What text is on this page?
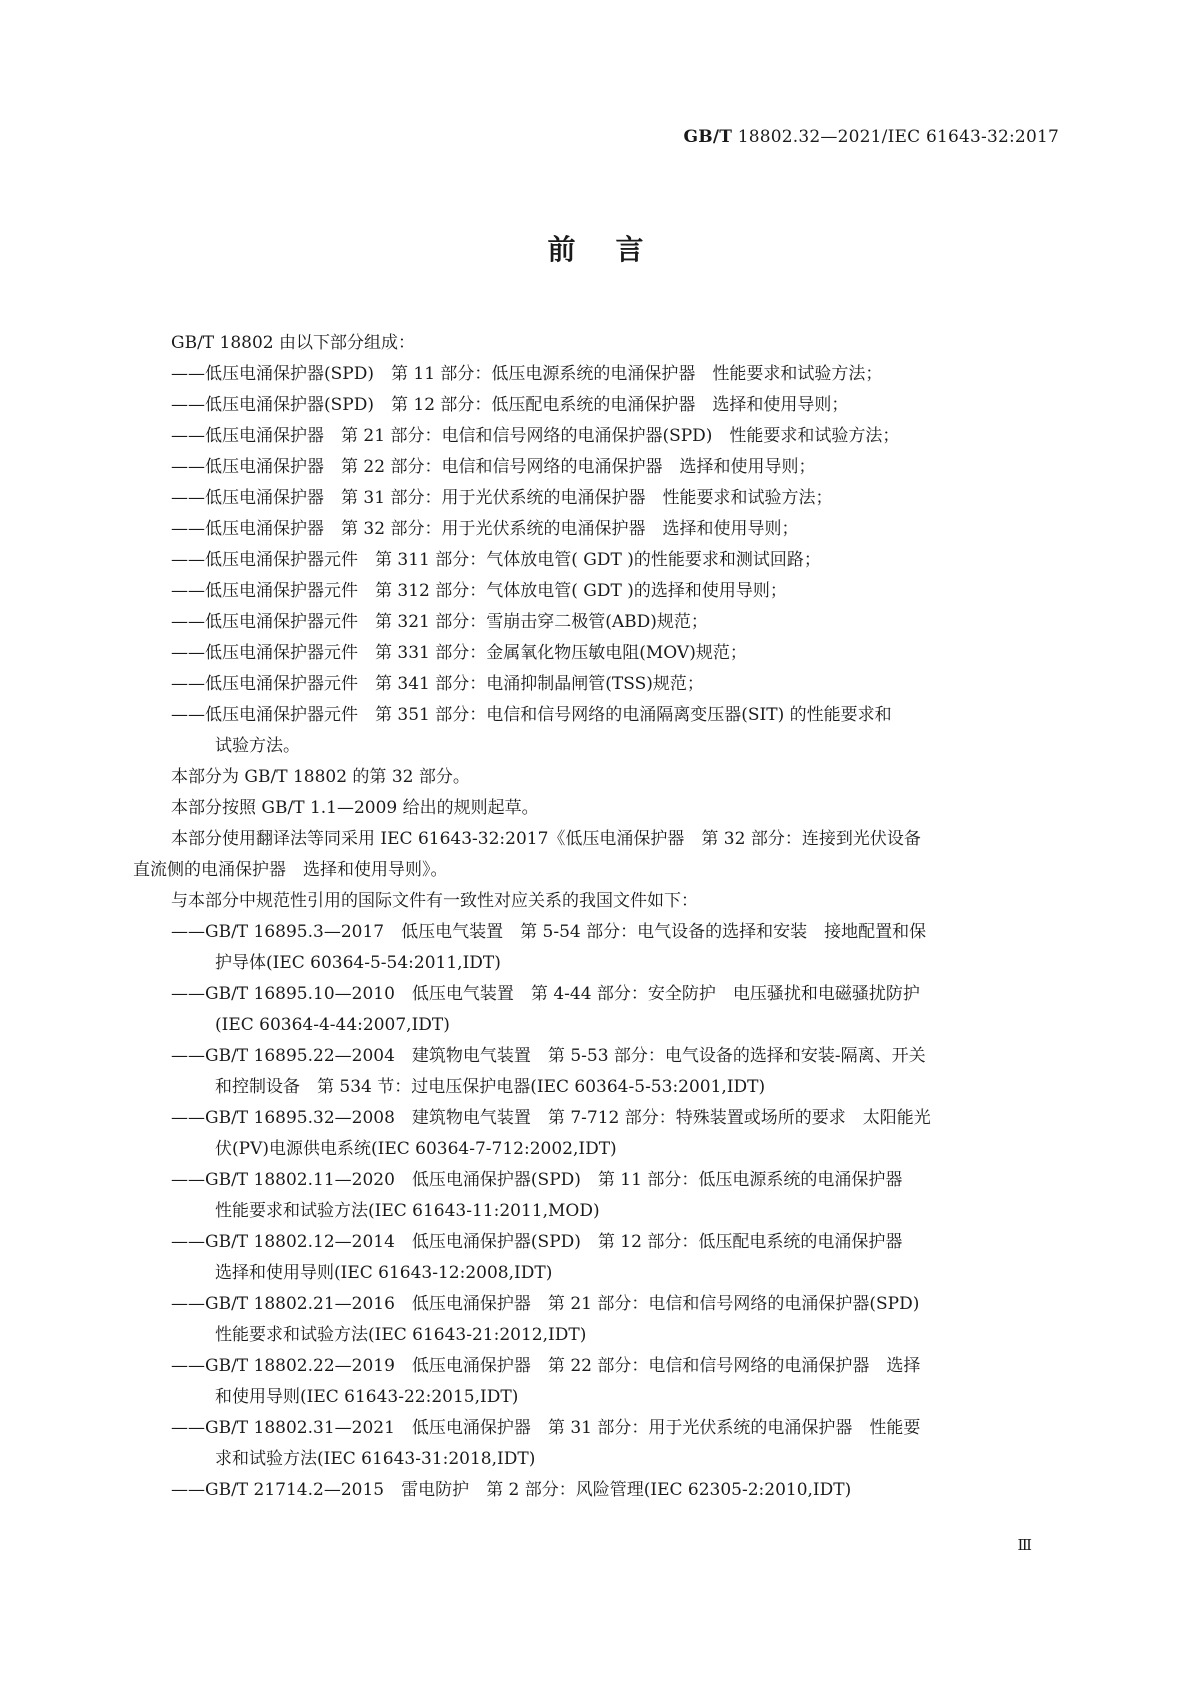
GB/T 18802.32—2021/IEC 61643-32:2017
前言
GB/T 18802 由以下部分组成：
——低压电涌保护器(SPD)　第 11 部分：低压电源系统的电涌保护器　性能要求和试验方法；
——低压电涌保护器(SPD)　第 12 部分：低压配电系统的电涌保护器　选择和使用导则；
——低压电涌保护器　第 21 部分：电信和信号网络的电涌保护器(SPD)　性能要求和试验方法；
——低压电涌保护器　第 22 部分：电信和信号网络的电涌保护器　选择和使用导则；
——低压电涌保护器　第 31 部分：用于光伏系统的电涌保护器　性能要求和试验方法；
——低压电涌保护器　第 32 部分：用于光伏系统的电涌保护器　选择和使用导则；
——低压电涌保护器元件　第 311 部分：气体放电管( GDT )的性能要求和测试回路；
——低压电涌保护器元件　第 312 部分：气体放电管( GDT )的选择和使用导则；
——低压电涌保护器元件　第 321 部分：雪崩击穿二极管(ABD)规范；
——低压电涌保护器元件　第 331 部分：金属氧化物压敏电阻(MOV)规范；
——低压电涌保护器元件　第 341 部分：电涌抑制晶闸管(TSS)规范；
——低压电涌保护器元件　第 351 部分：电信和信号网络的电涌隔离变压器(SIT) 的性能要求和
试验方法。
本部分为 GB/T 18802 的第 32 部分。
本部分按照 GB/T 1.1—2009 给出的规则起草。
本部分使用翻译法等同采用 IEC 61643-32:2017《低压电涌保护器　第 32 部分：连接到光伏设备
直流侧的电涌保护器　选择和使用导则》。
与本部分中规范性引用的国际文件有一致性对应关系的我国文件如下：
——GB/T 16895.3—2017　低压电气装置　第 5-54 部分：电气设备的选择和安装　接地配置和保
护导体(IEC 60364-5-54:2011,IDT)
——GB/T 16895.10—2010　低压电气装置　第 4-44 部分：安全防护　电压骚扰和电磁骚扰防护
(IEC 60364-4-44:2007,IDT)
——GB/T 16895.22—2004　建筑物电气装置　第 5-53 部分：电气设备的选择和安装-隔离、开关
和控制设备　第 534 节：过电压保护电器(IEC 60364-5-53:2001,IDT)
——GB/T 16895.32—2008　建筑物电气装置　第 7-712 部分：特殊装置或场所的要求　太阳能光
伏(PV)电源供电系统(IEC 60364-7-712:2002,IDT)
——GB/T 18802.11—2020　低压电涌保护器(SPD)　第 11 部分：低压电源系统的电涌保护器
性能要求和试验方法(IEC 61643-11:2011,MOD)
——GB/T 18802.12—2014　低压电涌保护器(SPD)　第 12 部分：低压配电系统的电涌保护器
选择和使用导则(IEC 61643-12:2008,IDT)
——GB/T 18802.21—2016　低压电涌保护器　第 21 部分：电信和信号网络的电涌保护器(SPD)
性能要求和试验方法(IEC 61643-21:2012,IDT)
——GB/T 18802.22—2019　低压电涌保护器　第 22 部分：电信和信号网络的电涌保护器　选择
和使用导则(IEC 61643-22:2015,IDT)
——GB/T 18802.31—2021　低压电涌保护器　第 31 部分：用于光伏系统的电涌保护器　性能要
求和试验方法(IEC 61643-31:2018,IDT)
——GB/T 21714.2—2015　雷电防护　第 2 部分：风险管理(IEC 62305-2:2010,IDT)
Ⅲ
